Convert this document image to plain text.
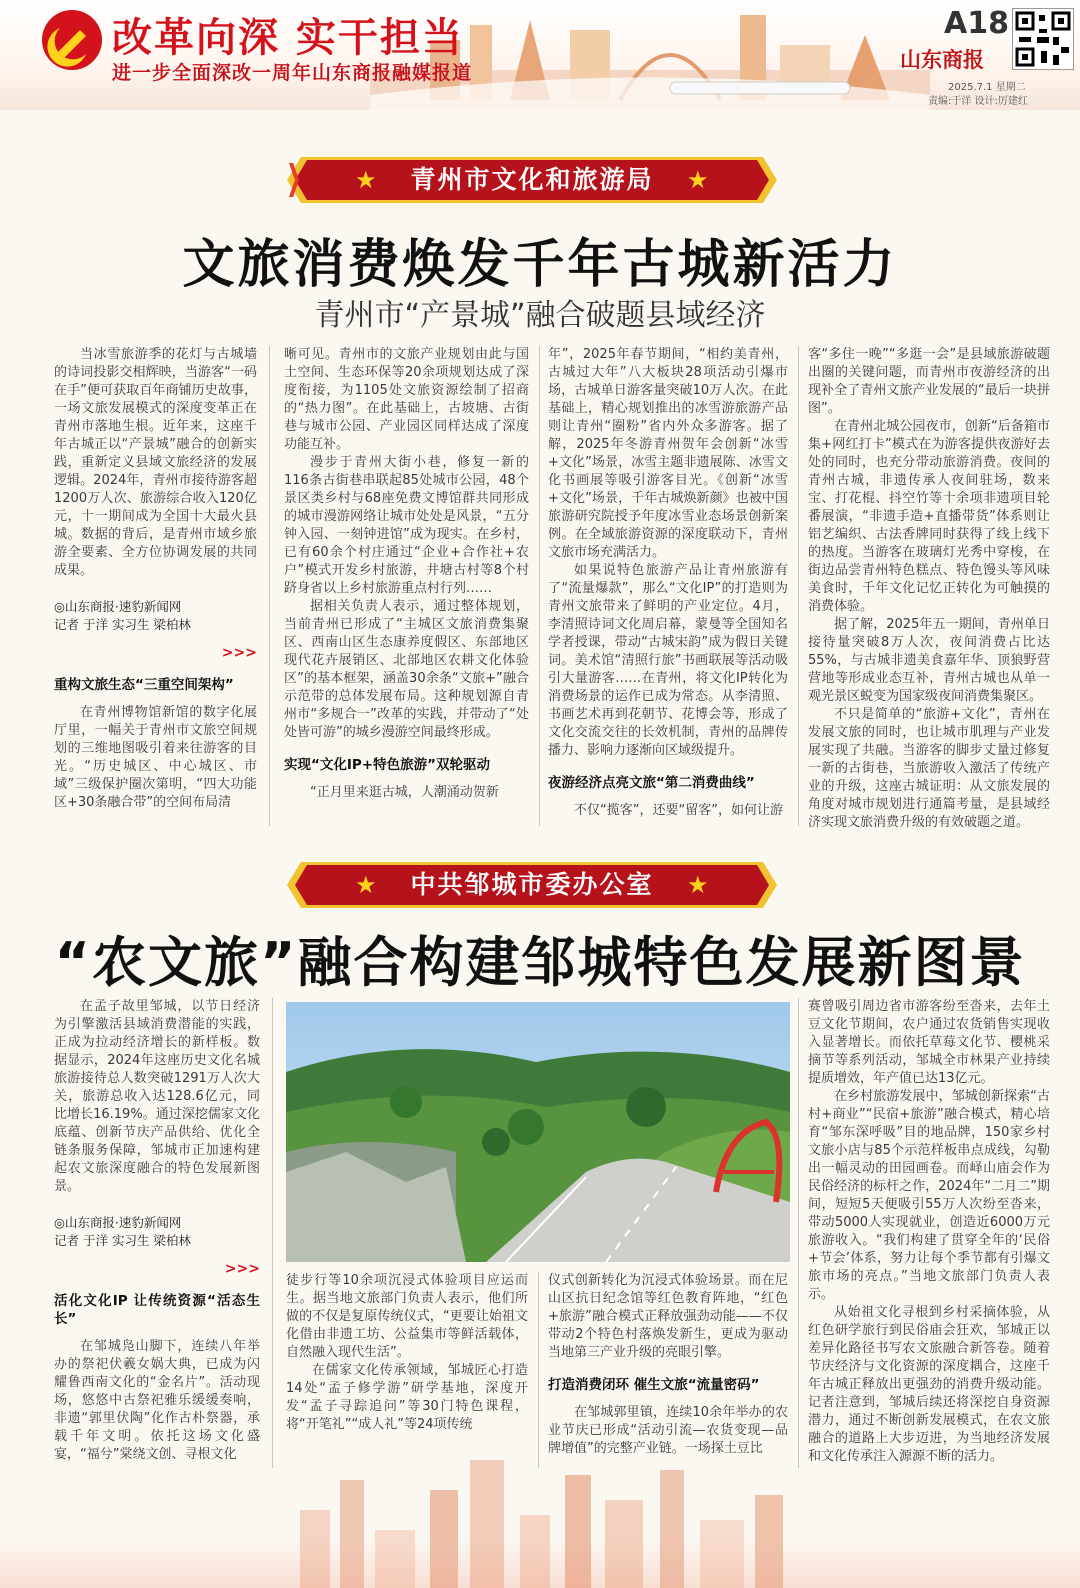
改革向深 实干担当
进一步全面深改一周年山东商报融媒报道
A18
山东商报
2025.7.1 星期二
责编:于洋 设计:厉建红
★	★
青州市文化和旅游局
文旅消费焕发千年古城新活力
青州市“产景城”融合破题县域经济

当冰雪旅游季的花灯与古城墙的诗词投影交相辉映，当游客“一码在手”便可获取百年商铺历史故事，一场文旅发展模式的深度变革正在青州市落地生根。近年来，这座千年古城正以“产景城”融合的创新实践，重新定义县域文旅经济的发展逻辑。2024年，青州市接待游客超1200万人次、旅游综合收入120亿元，十一期间成为全国十大最火县城。数据的背后，是青州市域乡旅游全要素、全方位协调发展的共同成果。

◎山东商报·速豹新闻网

记者 于洋 实习生 梁柏林

>>>

重构文旅生态“三重空间架构”

在青州博物馆新馆的数字化展厅里，一幅关于青州市文旅空间规划的三维地图吸引着来往游客的目光。“历史城区、中心城区、市域”三级保护圈次第明，“四大功能区+30条融合带”的空间布局清

晰可见。青州市的文旅产业规划由此与国土空间、生态环保等20余项规划达成了深度衔接，为1105处文旅资源绘制了招商的“热力图”。在此基础上，古坡塘、古街巷与城市公园、产业园区同样达成了深度功能互补。

漫步于青州大街小巷，修复一新的116条古街巷串联起85处城市公园，48个景区类乡村与68座免费文博馆群共同形成的城市漫游网络让城市处处是风景，“五分钟入园、一刻钟进馆”成为现实。在乡村，已有60余个村庄通过“企业+合作社+农户”模式开发乡村旅游，井塘古村等8个村跻身省以上乡村旅游重点村行列……

据相关负责人表示，通过整体规划，当前青州已形成了“主城区文旅消费集聚区、西南山区生态康养度假区、东部地区现代花卉展销区、北部地区农耕文化体验区”的基本框架，涵盖30余条“文旅+”融合示范带的总体发展布局。这种规划源自青州市“多规合一”改革的实践，并带动了“处处皆可游”的城乡漫游空间最终形成。

实现“文化IP+特色旅游”双轮驱动

“正月里来逛古城，人潮涌动贺新

年”，2025年春节期间，“相约美青州，古城过大年”八大板块28项活动引爆市场，古城单日游客量突破10万人次。在此基础上，精心规划推出的冰雪游旅游产品则让青州“圈粉”省内外众多游客。据了解，2025年冬游青州贺年会创新“冰雪+文化”场景，冰雪主题非遗展陈、冰雪文化书画展等吸引游客目光。《创新“冰雪+文化”场景，千年古城焕新颜》也被中国旅游研究院授予年度冰雪业态场景创新案例。在全域旅游资源的深度联动下，青州文旅市场充满活力。

如果说特色旅游产品让青州旅游有了“流量爆款”，那么“文化IP”的打造则为青州文旅带来了鲜明的产业定位。4月，李清照诗词文化周启幕，蒙曼等全国知名学者授课，带动“古城宋韵”成为假日关键词。美术馆“清照行旅”书画联展等活动吸引大量游客……在青州，将文化IP转化为消费场景的运作已成为常态。从李清照、书画艺术再到花朝节、花博会等，形成了文化交流交往的长效机制，青州的品牌传播力、影响力逐渐向区域级提升。

夜游经济点亮文旅“第二消费曲线”

不仅“揽客”，还要“留客”，如何让游

客“多住一晚”“多逛一会”是县域旅游破题出圈的关键问题，而青州市夜游经济的出现补全了青州文旅产业发展的“最后一块拼图”。

在青州北城公园夜市，创新“后备箱市集+网红打卡”模式在为游客提供夜游好去处的同时，也充分带动旅游消费。夜间的青州古城，非遗传承人夜间驻场，数来宝、打花棍、抖空竹等十余项非遗项目轮番展演，“非遗手造+直播带货”体系则让铝艺编织、古法香牌同时获得了线上线下的热度。当游客在玻璃灯光秀中穿梭，在街边品尝青州特色糕点、特色馒头等风味美食时，千年文化记忆正转化为可触摸的消费体验。

据了解，2025年五一期间，青州单日接待量突破8万人次，夜间消费占比达55%，与古城非遗美食嘉年华、顶狼野营营地等形成业态互补，青州古城也从单一观光景区蜕变为国家级夜间消费集聚区。

不只是简单的“旅游+文化”，青州在发展文旅的同时，也让城市肌理与产业发展实现了共融。当游客的脚步丈量过修复一新的古街巷，当旅游收入激活了传统产业的升级，这座古城证明：从文旅发展的角度对城市规划进行通篇考量，是县域经济实现文旅消费升级的有效破题之道。

★	★
中共邹城市委办公室
“农文旅”融合构建邹城特色发展新图景

在孟子故里邹城，以节日经济为引擎激活县域消费潜能的实践，正成为拉动经济增长的新样板。数据显示，2024年这座历史文化名城旅游接待总人数突破1291万人次大关，旅游总收入达128.6亿元，同比增长16.19%。通过深挖儒家文化底蕴、创新节庆产品供给、优化全链条服务保障，邹城市正加速构建起农文旅深度融合的特色发展新图景。

◎山东商报·速豹新闻网

记者 于洋 实习生 梁柏林

>>>

活化文化IP 让传统资源“活态生长”

在邹城凫山脚下，连续八年举办的祭祀伏羲女娲大典，已成为闪耀鲁西南文化的“金名片”。活动现场，悠悠中古祭祀雅乐缓缓奏响，非遗“郭里伏陶”化作古朴祭器，承载千年文明。依托这场文化盛宴，“福兮”棠绕文创、寻根文化

徒步行等10余项沉浸式体验项目应运而生。据当地文旅部门负责人表示，他们所做的不仅是复原传统仪式，“更要让始祖文化借由非遗工坊、公益集市等鲜活载体，自然融入现代生活”。

在儒家文化传承领域，邹城匠心打造14处“孟子修学游”研学基地，深度开发“孟子寻踪追问”等30门特色课程，将“开笔礼”“成人礼”等24项传统

仪式创新转化为沉浸式体验场景。而在尼山区抗日纪念馆等红色教育阵地，“红色+旅游”融合模式正释放强劲动能——不仅带动2个特色村落焕发新生，更成为驱动当地第三产业升级的亮眼引擎。

打造消费闭环 催生文旅“流量密码”

在邹城郭里镇，连续10余年举办的农业节庆已形成“活动引流—农货变现—品牌增值”的完整产业链。一场探土豆比

赛曾吸引周边省市游客纷至沓来，去年土豆文化节期间，农户通过农货销售实现收入显著增长。而依托草莓文化节、樱桃采摘节等系列活动，邹城全市林果产业持续提质增效，年产值已达13亿元。

在乡村旅游发展中，邹城创新探索“古村+商业”“民宿+旅游”融合模式，精心培育“邹东深呼吸”目的地品牌，150家乡村文旅小店与85个示范样板串点成线，勾勒出一幅灵动的田园画卷。而峄山庙会作为民俗经济的标杆之作，2024年“二月二”期间，短短5天便吸引55万人次纷至沓来，带动5000人实现就业，创造近6000万元旅游收入。“我们构建了贯穿全年的‘民俗+节会’体系，努力让每个季节都有引爆文旅市场的亮点。”当地文旅部门负责人表示。

从始祖文化寻根到乡村采摘体验，从红色研学旅行到民俗庙会狂欢，邹城正以差异化路径书写农文旅融合新答卷。随着节庆经济与文化资源的深度耦合，这座千年古城正释放出更强劲的消费升级动能。记者注意到，邹城后续还将深挖自身资源潜力，通过不断创新发展模式，在农文旅融合的道路上大步迈进，为当地经济发展和文化传承注入源源不断的活力。
